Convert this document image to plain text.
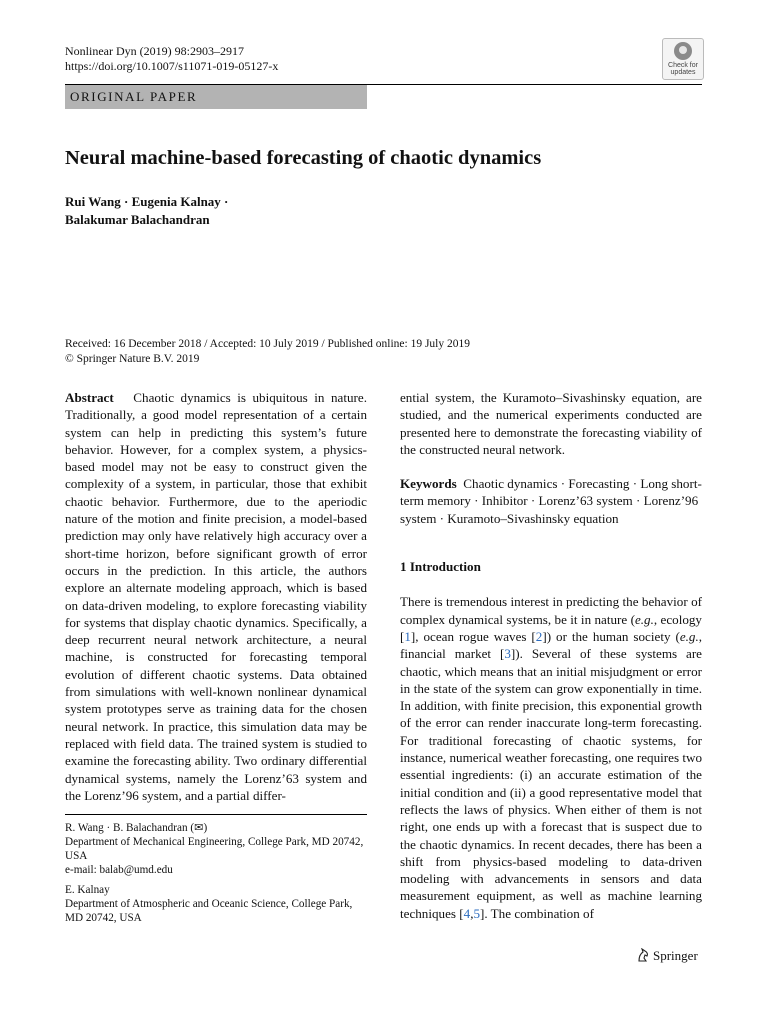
Nonlinear Dyn (2019) 98:2903–2917
https://doi.org/10.1007/s11071-019-05127-x	Check for
updates
ORIGINAL PAPER
Neural machine-based forecasting of chaotic dynamics
Rui Wang · Eugenia Kalnay ·
Balakumar Balachandran
Received: 16 December 2018 / Accepted: 10 July 2019 / Published online: 19 July 2019
© Springer Nature B.V. 2019

Abstract Chaotic dynamics is ubiquitous in nature. Traditionally, a good model representation of a certain system can help in predicting this system’s future behavior. However, for a complex system, a physics-based model may not be easy to construct given the complexity of a system, in particular, those that exhibit chaotic behavior. Furthermore, due to the aperiodic nature of the motion and finite precision, a model-based prediction may only have relatively high accuracy over a short-time horizon, before significant growth of error occurs in the prediction. In this article, the authors explore an alternate modeling approach, which is based on data-driven modeling, to explore forecasting viability for systems that display chaotic dynamics. Specifically, a deep recurrent neural network architecture, a neural machine, is constructed for forecasting temporal evolution of different chaotic systems. Data obtained from simulations with well-known nonlinear dynamical system prototypes serve as training data for the chosen neural network. In practice, this simulation data may be replaced with field data. The trained system is studied to examine the forecasting ability. Two ordinary differential dynamical systems, namely the Lorenz’63 system and the Lorenz’96 system, and a partial differ-

R. Wang · B. Balachandran (✉)
Department of Mechanical Engineering, College Park, MD 20742, USA
e-mail: balab@umd.edu
E. Kalnay
Department of Atmospheric and Oceanic Science, College Park, MD 20742, USA

ential system, the Kuramoto–Sivashinsky equation, are studied, and the numerical experiments conducted are presented here to demonstrate the forecasting viability of the constructed neural network.

Keywords Chaotic dynamics · Forecasting · Long short-term memory · Inhibitor · Lorenz’63 system · Lorenz’96 system · Kuramoto–Sivashinsky equation

1 Introduction

There is tremendous interest in predicting the behavior of complex dynamical systems, be it in nature (e.g., ecology [1], ocean rogue waves [2]) or the human society (e.g., financial market [3]). Several of these systems are chaotic, which means that an initial misjudgment or error in the state of the system can grow exponentially in time. In addition, with finite precision, this exponential growth of the error can render inaccurate long-term forecasting. For traditional forecasting of chaotic systems, for instance, numerical weather forecasting, one requires two essential ingredients: (i) an accurate estimation of the initial condition and (ii) a good representative model that reflects the laws of physics. When either of them is not right, one ends up with a forecast that is suspect due to the chaotic dynamics. In recent decades, there has been a shift from physics-based modeling to data-driven modeling with advancements in sensors and data measurement equipment, as well as machine learning techniques [4,5]. The combination of

Springer
